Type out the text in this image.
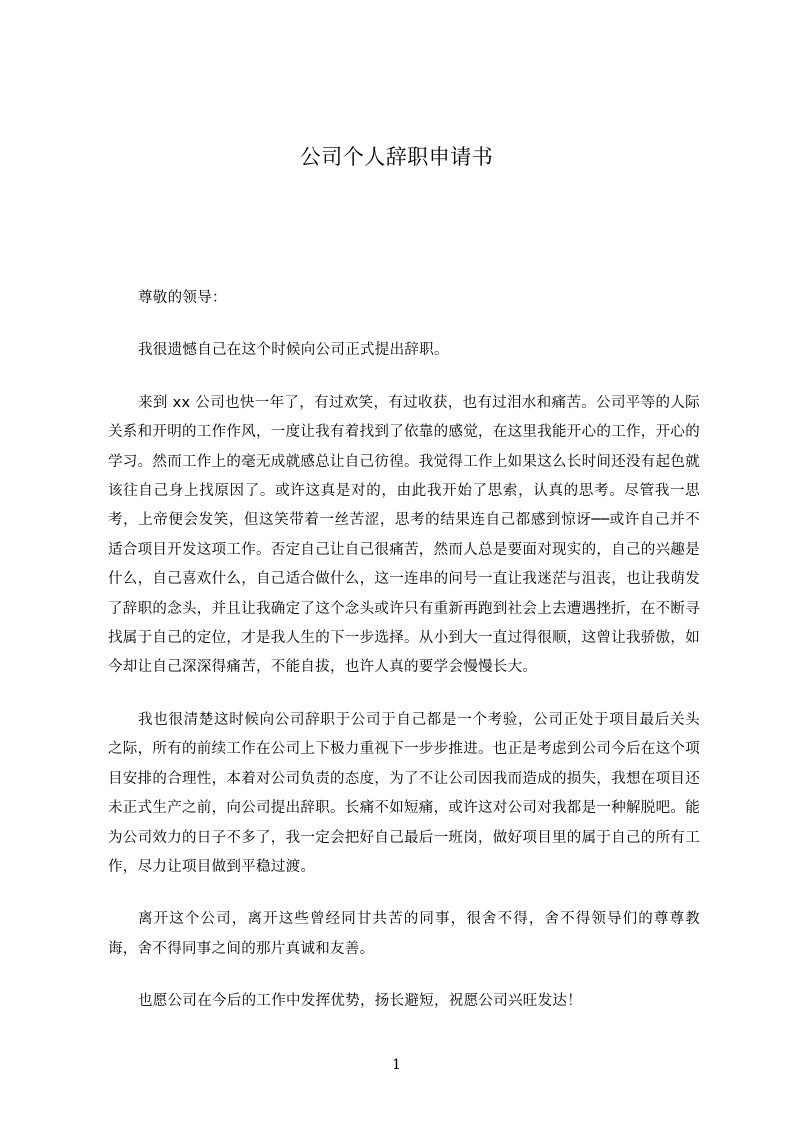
公司个人辞职申请书

尊敬的领导：

我很遗憾自己在这个时候向公司正式提出辞职。

来到 xx 公司也快一年了，有过欢笑，有过收获，也有过泪水和痛苦。公司平等的人际关系和开明的工作作风，一度让我有着找到了依靠的感觉，在这里我能开心的工作，开心的学习。然而工作上的毫无成就感总让自己彷徨。我觉得工作上如果这么长时间还没有起色就该往自己身上找原因了。或许这真是对的，由此我开始了思索，认真的思考。尽管我一思考，上帝便会发笑，但这笑带着一丝苦涩，思考的结果连自己都感到惊讶──或许自己并不适合项目开发这项工作。否定自己让自己很痛苦，然而人总是要面对现实的，自己的兴趣是什么，自己喜欢什么，自己适合做什么，这一连串的问号一直让我迷茫与沮丧，也让我萌发了辞职的念头，并且让我确定了这个念头或许只有重新再跑到社会上去遭遇挫折，在不断寻找属于自己的定位，才是我人生的下一步选择。从小到大一直过得很顺，这曾让我骄傲，如今却让自己深深得痛苦，不能自拔，也许人真的要学会慢慢长大。

我也很清楚这时候向公司辞职于公司于自己都是一个考验，公司正处于项目最后关头之际，所有的前续工作在公司上下极力重视下一步步推进。也正是考虑到公司今后在这个项目安排的合理性，本着对公司负责的态度，为了不让公司因我而造成的损失，我想在项目还未正式生产之前，向公司提出辞职。长痛不如短痛，或许这对公司对我都是一种解脱吧。能为公司效力的日子不多了，我一定会把好自己最后一班岗，做好项目里的属于自己的所有工作，尽力让项目做到平稳过渡。

离开这个公司，离开这些曾经同甘共苦的同事，很舍不得，舍不得领导们的尊尊教诲，舍不得同事之间的那片真诚和友善。

也愿公司在今后的工作中发挥优势，扬长避短，祝愿公司兴旺发达！

1
